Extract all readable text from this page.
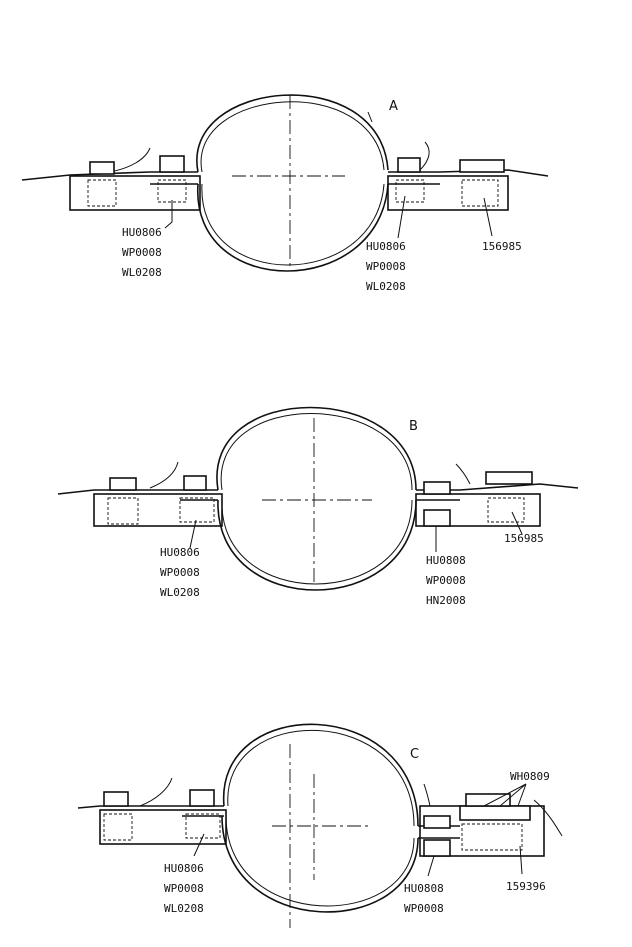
A
HU0806
WP0008
WL0208
HU0806
WP0008
WL0208
156985
B
HU0806
WP0008
WL0208
HU0808
WP0008
HN2008
156985
C
HU0806
WP0008
WL0208
HU0808
WP0008
159396
WH0809
